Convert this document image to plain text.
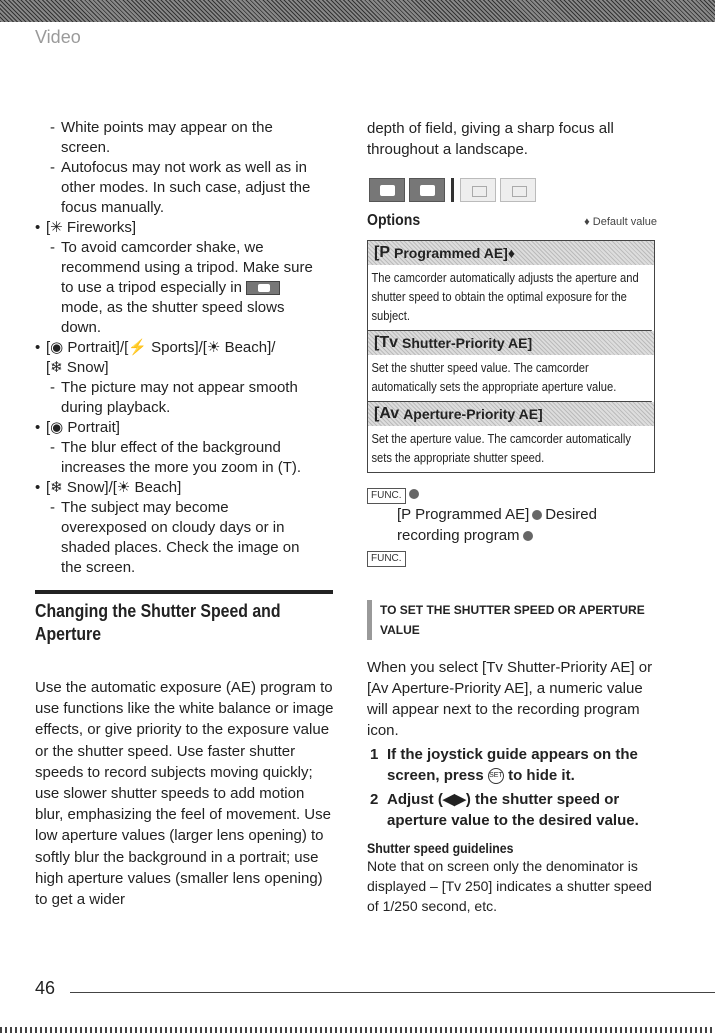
Video
- White points may appear on the
screen.
- Autofocus may not work as well as in
other modes. In such case, adjust the
focus manually.
• [✳ Fireworks]
- To avoid camcorder shake, we
recommend using a tripod. Make sure
to use a tripod especially in
mode, as the shutter speed slows
down.
• [◉ Portrait]/[⚡ Sports]/[☀ Beach]/
[❄ Snow]
- The picture may not appear smooth
during playback.
• [◉ Portrait]
- The blur effect of the background
increases the more you zoom in (T).
• [❄ Snow]/[☀ Beach]
- The subject may become
overexposed on cloudy days or in
shaded places. Check the image on
the screen.
Changing the Shutter Speed and
Aperture
Use the automatic exposure (AE) program to use functions like the white balance or image effects, or give priority to the exposure value or the shutter speed. Use faster shutter speeds to record subjects moving quickly; use slower shutter speeds to add motion blur, emphasizing the feel of movement. Use low aperture values (larger lens opening) to softly blur the background in a portrait; use high aperture values (smaller lens opening) to get a wider
depth of field, giving a sharp focus all
throughout a landscape.
Options	♦ Default value
[P Programmed AE]♦
The camcorder automatically adjusts the aperture and shutter speed to obtain the optimal exposure for the subject.
[Tv Shutter-Priority AE]
Set the shutter speed value. The camcorder automatically sets the appropriate aperture value.
[Av Aperture-Priority AE]
Set the aperture value. The camcorder automatically sets the appropriate shutter speed.
FUNC.
[P Programmed AE] Desired
recording program
FUNC.
TO SET THE SHUTTER SPEED OR APERTURE
VALUE
When you select [Tv Shutter-Priority AE] or [Av Aperture-Priority AE], a numeric value will appear next to the recording program icon.
1 If the joystick guide appears on the screen, press SET to hide it.
2 Adjust (◀▶) the shutter speed or aperture value to the desired value.
Shutter speed guidelines
Note that on screen only the denominator is displayed – [Tv 250] indicates a shutter speed of 1/250 second, etc.
46
